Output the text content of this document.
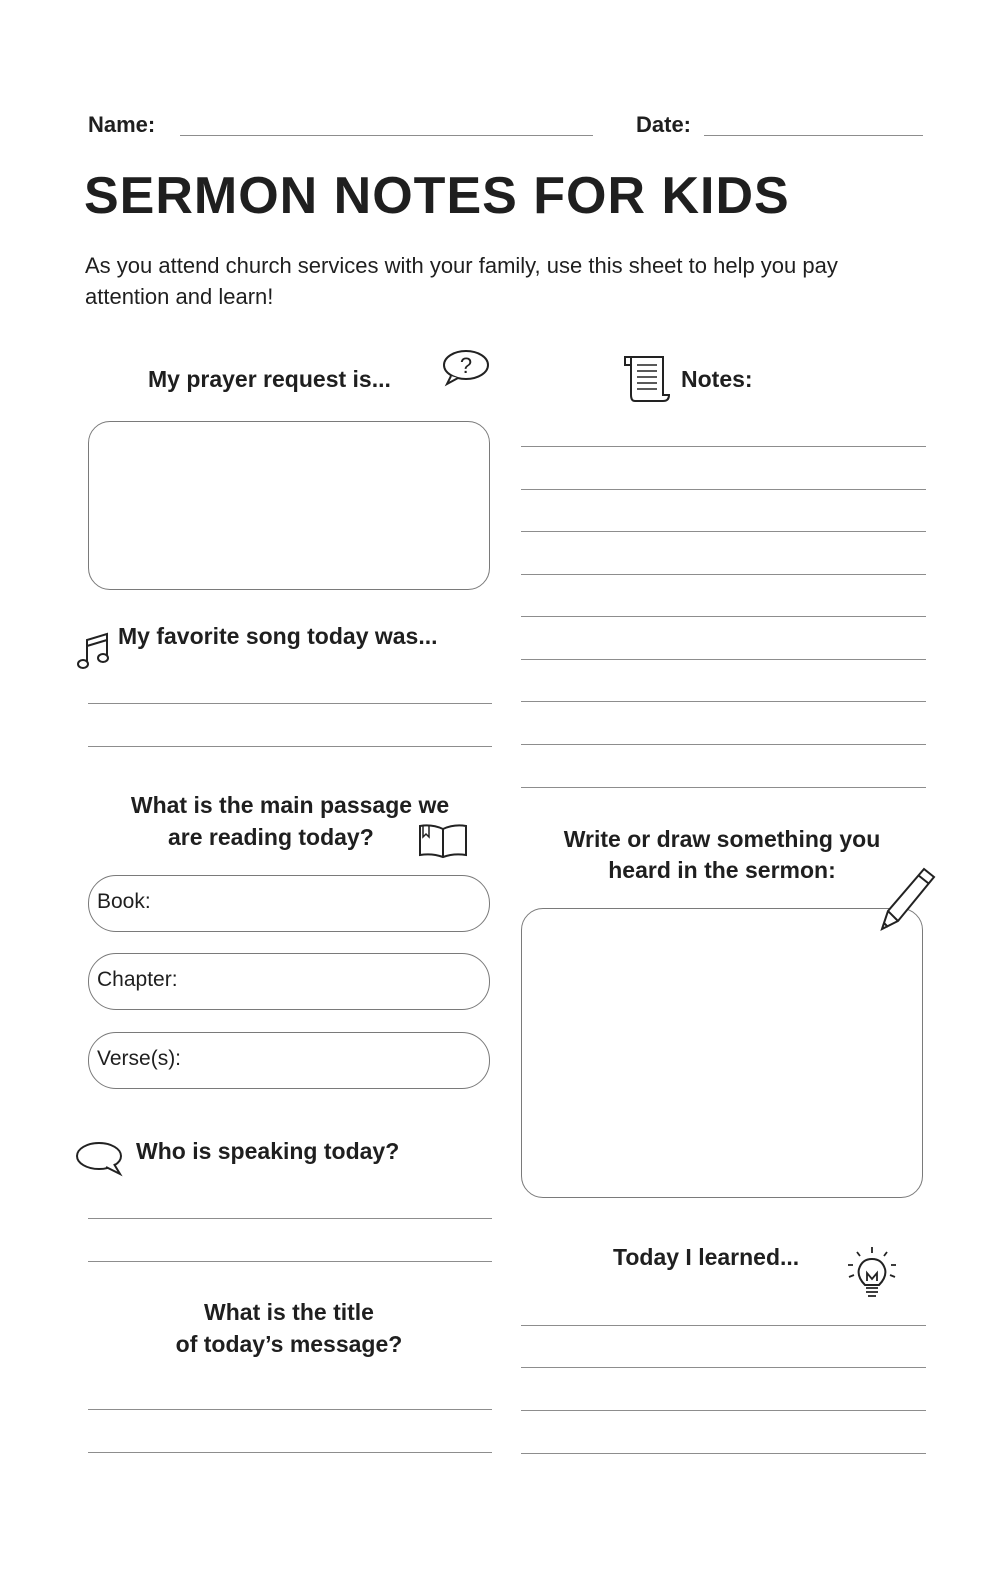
Name:	Date:
SERMON NOTES FOR KIDS
As you attend church services with your family, use this sheet to help you pay attention and learn!
My prayer request is...
?
My favorite song today was...
What is the main passage we
are reading today?
Book:
Chapter:
Verse(s):
Who is speaking today?
What is the title
of today’s message?
Notes:
Write or draw something you
heard in the sermon:
Today I learned...
